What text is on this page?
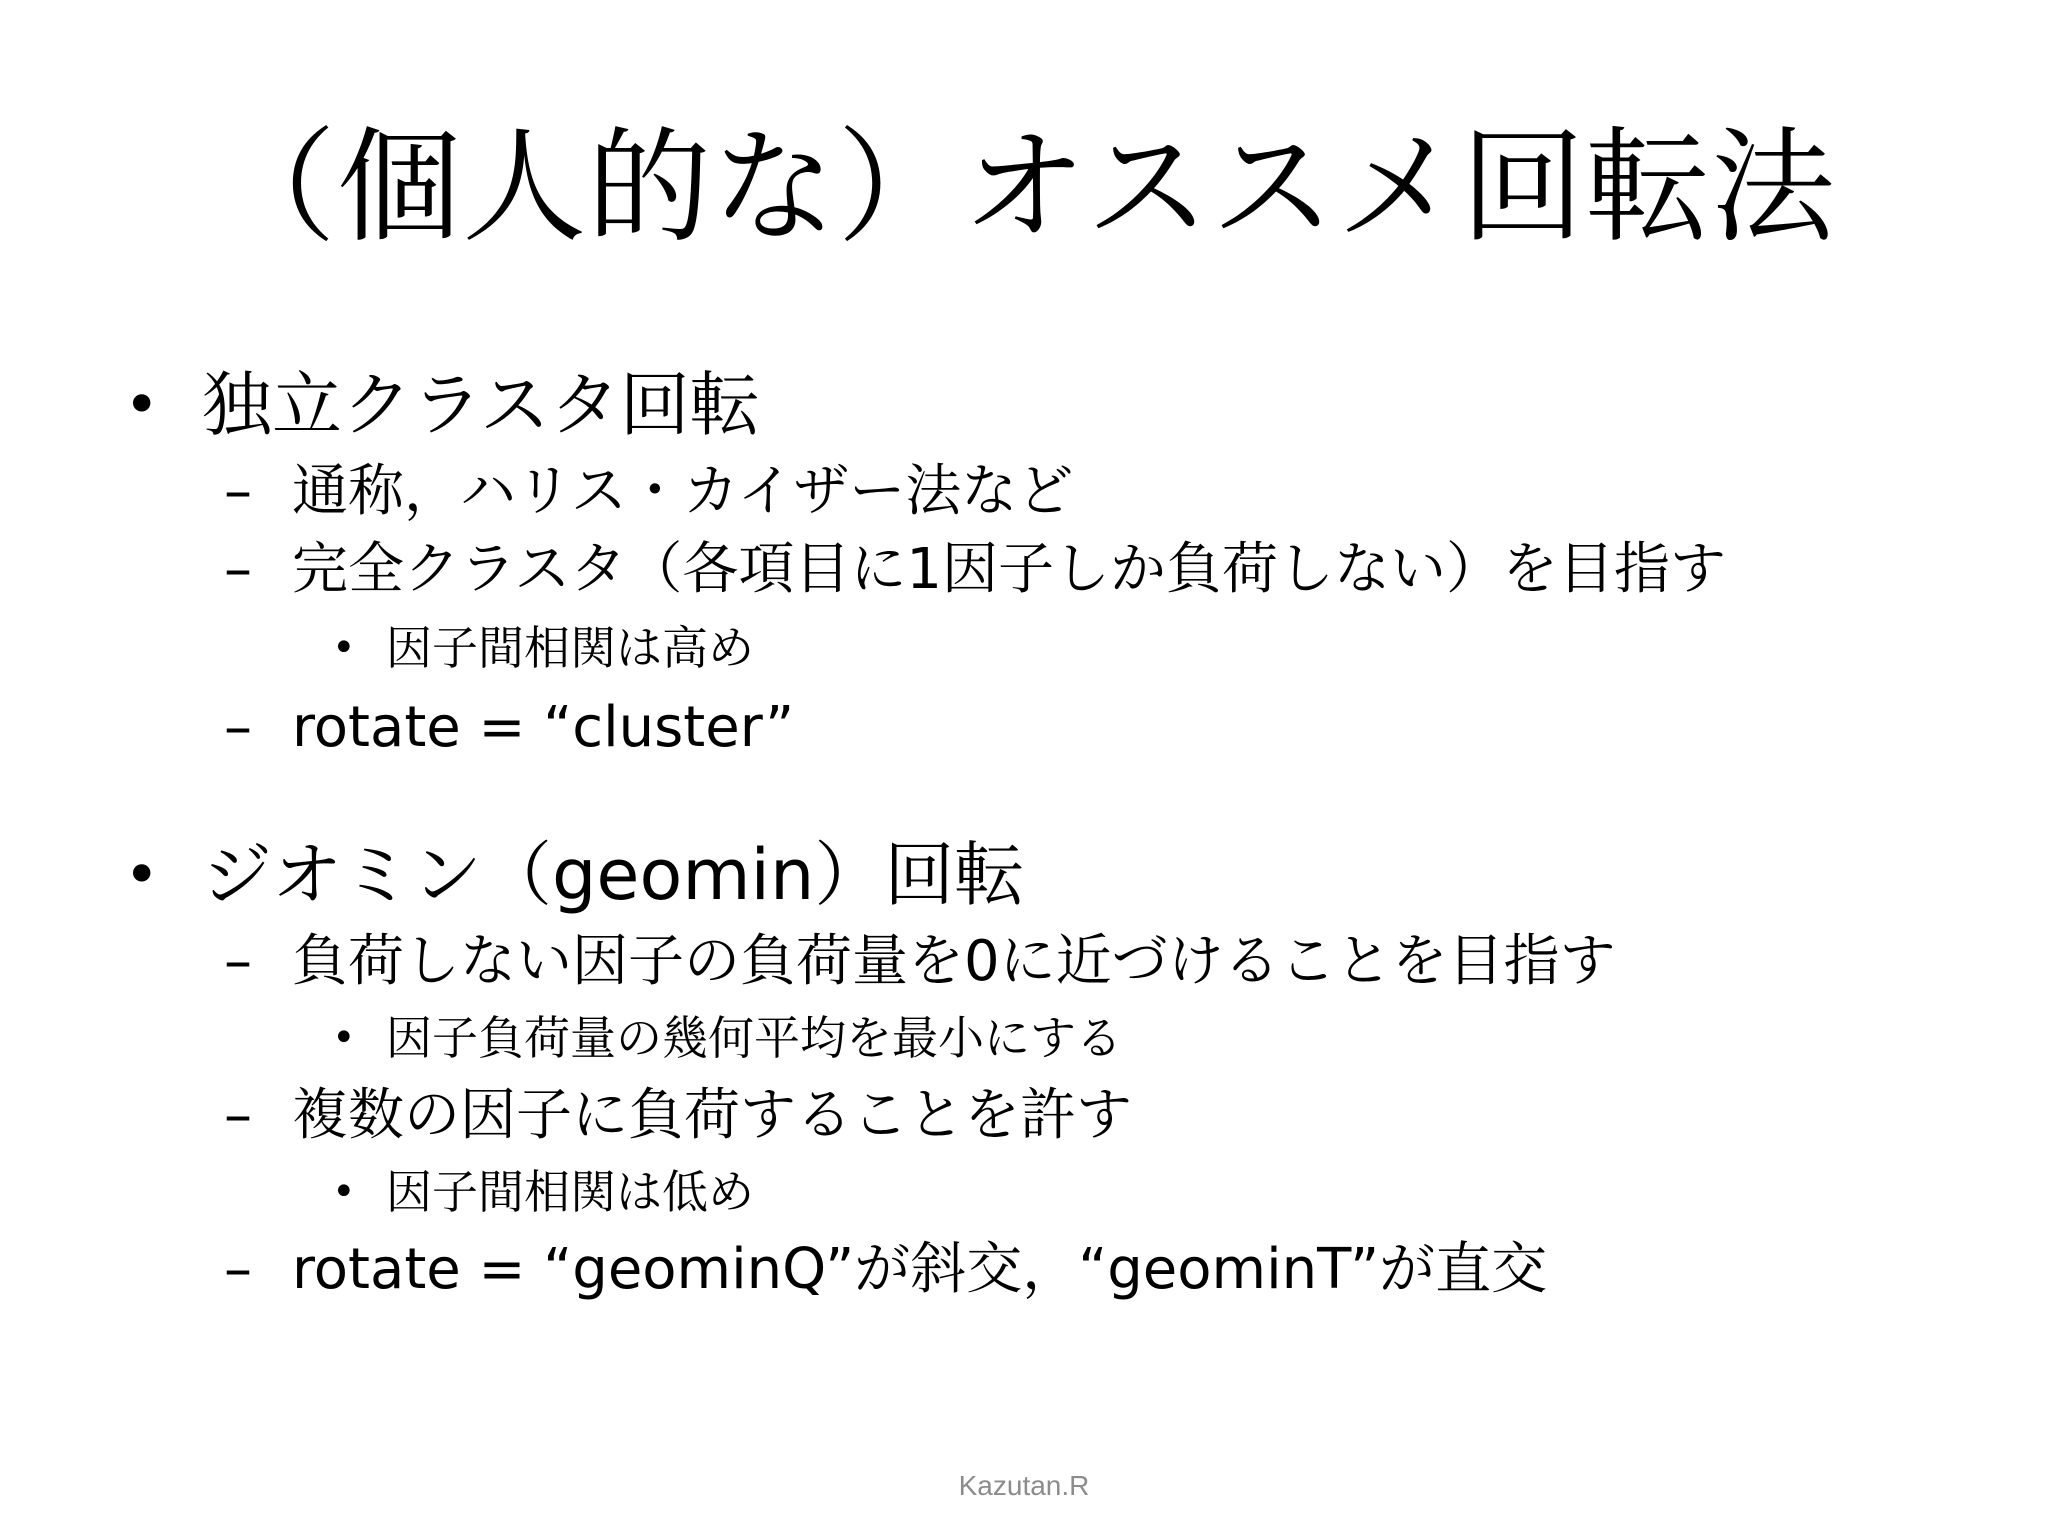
（個人的な）オススメ回転法
• 独立クラスタ回転
– 通称，ハリス・カイザー法など
– 完全クラスタ（各項目に1因子しか負荷しない）を目指す
• 因子間相関は高め
– rotate = “cluster”
• ジオミン（geomin）回転
– 負荷しない因子の負荷量を0に近づけることを目指す
• 因子負荷量の幾何平均を最小にする
– 複数の因子に負荷することを許す
• 因子間相関は低め
– rotate = “geominQ”が斜交，“geominT”が直交
Kazutan.R
